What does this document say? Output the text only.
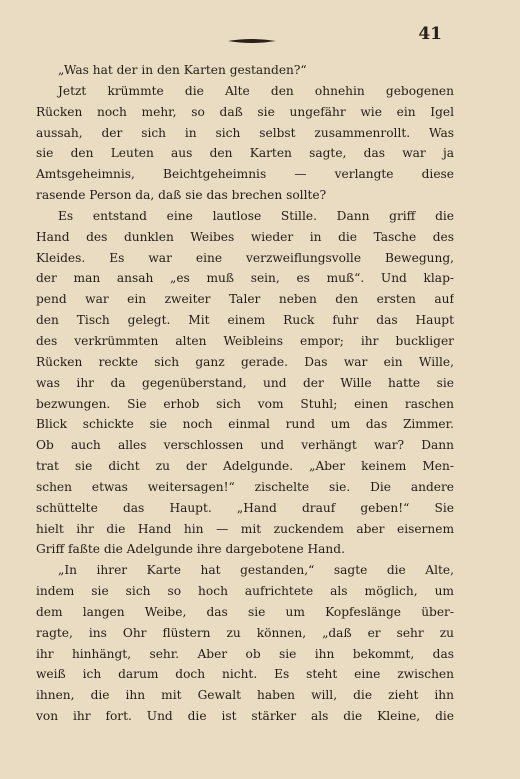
41
„Was hat der in den Karten gestanden?“
Jetzt krümmte die Alte den ohnehin gebogenen
Rücken noch mehr, so daß sie ungefähr wie ein Igel
aussah, der sich in sich selbst zusammenrollt. Was
sie den Leuten aus den Karten sagte, das war ja
Amtsgeheimnis, Beichtgeheimnis — verlangte diese
rasende Person da, daß sie das brechen sollte?
Es entstand eine lautlose Stille. Dann griff die
Hand des dunklen Weibes wieder in die Tasche des
Kleides. Es war eine verzweiflungsvolle Bewegung,
der man ansah „es muß sein, es muß“. Und klap-
pend war ein zweiter Taler neben den ersten auf
den Tisch gelegt. Mit einem Ruck fuhr das Haupt
des verkrümmten alten Weibleins empor; ihr buckliger
Rücken reckte sich ganz gerade. Das war ein Wille,
was ihr da gegenüberstand, und der Wille hatte sie
bezwungen. Sie erhob sich vom Stuhl; einen raschen
Blick schickte sie noch einmal rund um das Zimmer.
Ob auch alles verschlossen und verhängt war? Dann
trat sie dicht zu der Adelgunde. „Aber keinem Men-
schen etwas weitersagen!“ zischelte sie. Die andere
schüttelte das Haupt. „Hand drauf geben!“ Sie
hielt ihr die Hand hin — mit zuckendem aber eisernem
Griff faßte die Adelgunde ihre dargebotene Hand.
„In ihrer Karte hat gestanden,“ sagte die Alte,
indem sie sich so hoch aufrichtete als möglich, um
dem langen Weibe, das sie um Kopfeslänge über-
ragte, ins Ohr flüstern zu können, „daß er sehr zu
ihr hinhängt, sehr. Aber ob sie ihn bekommt, das
weiß ich darum doch nicht. Es steht eine zwischen
ihnen, die ihn mit Gewalt haben will, die zieht ihn
von ihr fort. Und die ist stärker als die Kleine, die
